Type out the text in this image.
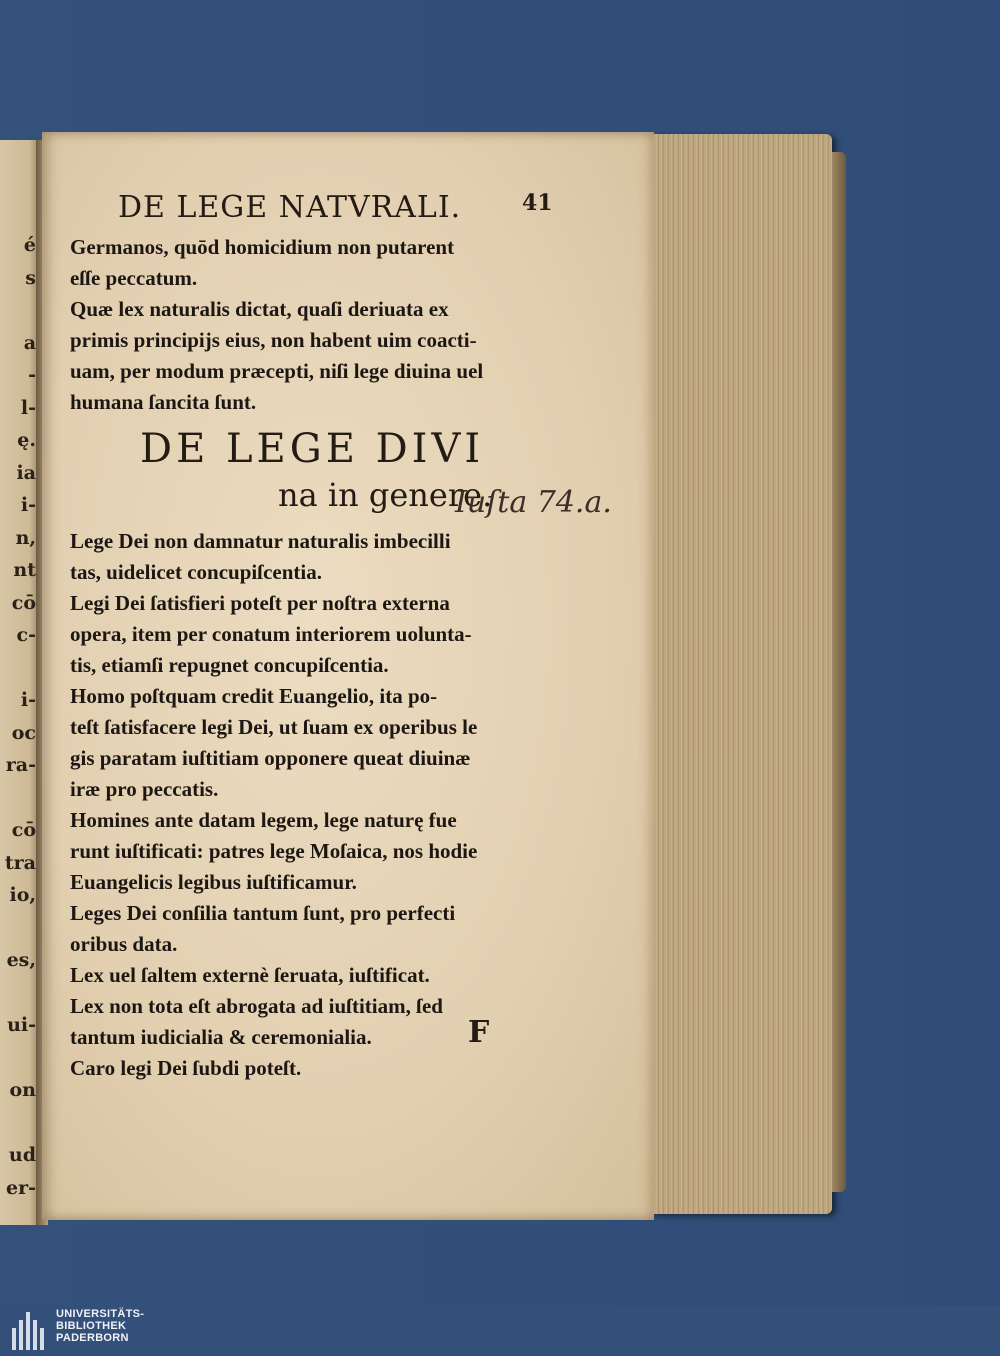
é
s
a
-
l-
ę.
ia
i-
n,
nt
cō
c-
i-
oc
ra-
cō
tra
io,
es,
ui-
on
ud
er-
DE LEGE NATVRALI.	41

Germanos, quōd homicidium non putarent

eſſe peccatum.

Quæ lex naturalis dictat, quaſi deriuata ex

primis principijs eius, non habent uim coacti-

uam, per modum præcepti, niſi lege diuina uel

humana ſancita ſunt.

DE LEGE DIVI
na in genere.
Iuſta 74.a.

Lege Dei non damnatur naturalis imbecilli

tas, uidelicet concupiſcentia.

Legi Dei ſatisfieri poteſt per noſtra externa

opera, item per conatum interiorem uolunta-

tis, etiamſi repugnet concupiſcentia.

Homo poſtquam credit Euangelio, ita po-

teſt ſatisfacere legi Dei, ut ſuam ex operibus le

gis paratam iuſtitiam opponere queat diuinæ

iræ pro peccatis.

Homines ante datam legem, lege naturę fue

runt iuſtificati: patres lege Moſaica, nos hodie

Euangelicis legibus iuſtificamur.

Leges Dei conſilia tantum ſunt, pro perfecti

oribus data.

Lex uel ſaltem externè ſeruata, iuſtificat.

Lex non tota eſt abrogata ad iuſtitiam, ſed

tantum iudicialia & ceremonialia.

Caro legi Dei ſubdi poteſt.

F
UNIVERSITÄTS-
BIBLIOTHEK
PADERBORN
